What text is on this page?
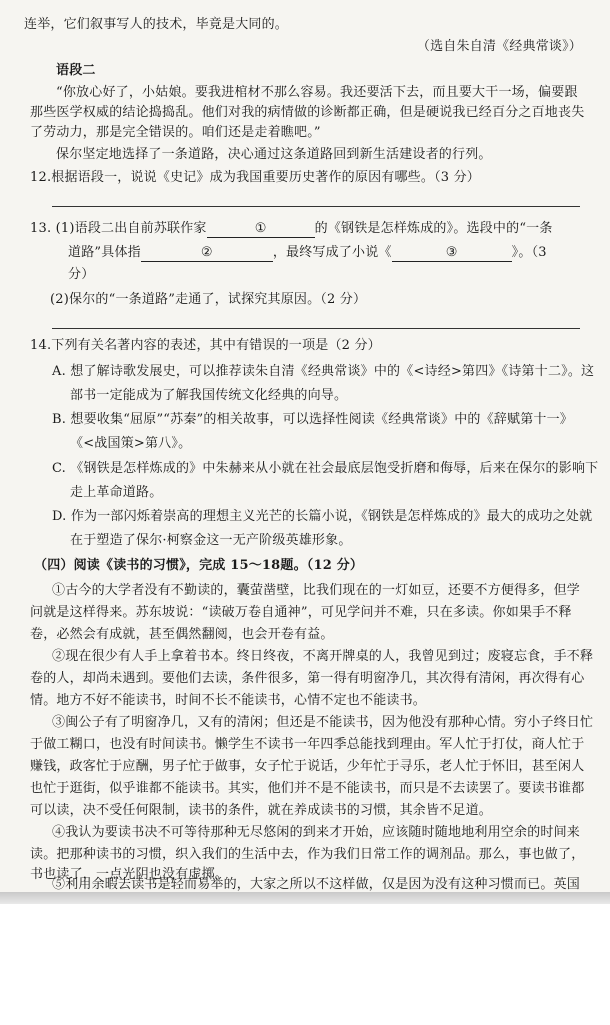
连举，它们叙事写人的技术，毕竟是大同的。
（选自朱自清《经典常谈》）
语段二
“你放心好了，小姑娘。要我进棺材不那么容易。我还要活下去，而且要大干一场，偏要跟
那些医学权威的结论捣捣乱。他们对我的病情做的诊断都正确，但是硬说我已经百分之百地丧失
了劳动力，那是完全错误的。咱们还是走着瞧吧。”
保尔坚定地选择了一条道路，决心通过这条道路回到新生活建设者的行列。
12.根据语段一，说说《史记》成为我国重要历史著作的原因有哪些。（3 分）
13. (1)语段二出自前苏联作家	①	的《钢铁是怎样炼成的》。选段中的“一条
道路”具体指	②	，最终写成了小说《	③	》。（3
分）
(2)保尔的“一条道路”走通了，试探究其原因。（2 分）
14.下列有关名著内容的表述，其中有错误的一项是（2 分）
A. 想了解诗歌发展史，可以推荐读朱自清《经典常谈》中的《<诗经>第四》《诗第十二》。这
部书一定能成为了解我国传统文化经典的向导。
B. 想要收集“屈原”“苏秦”的相关故事，可以选择性阅读《经典常谈》中的《辞赋第十一》
《<战国策>第八》。
C. 《钢铁是怎样炼成的》中朱赫来从小就在社会最底层饱受折磨和侮辱，后来在保尔的影响下
走上革命道路。
D. 作为一部闪烁着崇高的理想主义光芒的长篇小说，《钢铁是怎样炼成的》最大的成功之处就
在于塑造了保尔·柯察金这一无产阶级英雄形象。
（四）阅读《读书的习惯》，完成 15～18题。（12 分）
①古今的大学者没有不勤读的，囊萤凿壁，比我们现在的一灯如豆，还要不方便得多，但学
问就是这样得来。苏东坡说：“读破万卷自通神”，可见学问并不难，只在多读。你如果手不释
卷，必然会有成就，甚至偶然翻阅，也会开卷有益。
②现在很少有人手上拿着书本。终日终夜，不离开牌桌的人，我曾见到过；废寝忘食，手不释
卷的人，却尚未遇到。要他们去读，条件很多，第一得有明窗净几，其次得有清闲，再次得有心
情。地方不好不能读书，时间不长不能读书，心情不定也不能读书。
③闽公子有了明窗净几，又有的清闲；但还是不能读书，因为他没有那种心情。穷小子终日忙
于做工糊口，也没有时间读书。懒学生不读书一年四季总能找到理由。军人忙于打仗，商人忙于
赚钱，政客忙于应酬，男子忙于做事，女子忙于说话，少年忙于寻乐，老人忙于怀旧，甚至闲人
也忙于逛街，似乎谁都不能读书。其实，他们并不是不能读书，而只是不去读罢了。要读书谁都
可以读，决不受任何限制，读书的条件，就在养成读书的习惯，其余皆不足道。
④我认为要读书决不可等待那种无尽悠闲的到来才开始，应该随时随地地利用空余的时间来
读。把那种读书的习惯，织入我们的生活中去，作为我们日常工作的调剂品。那么，事也做了，
书也读了，一点光阴也没有虚掷。
⑤利用余暇去读书是轻而易举的，大家之所以不这样做，仅是因为没有这种习惯而已。英国
